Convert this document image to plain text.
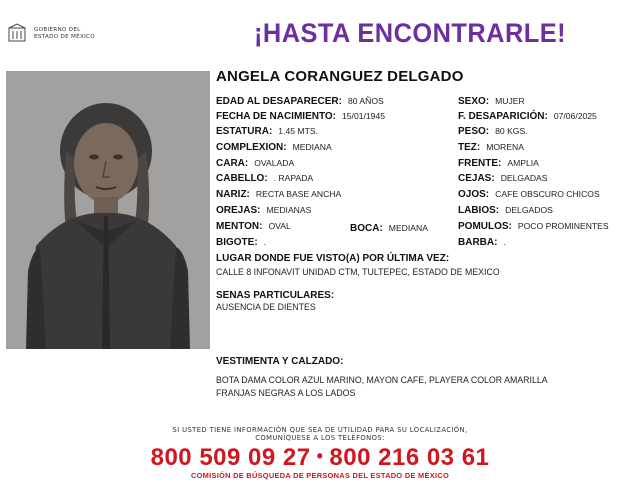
GOBIERNO DEL
ESTADO DE MÉXICO	¡HASTA ENCONTRARLE!
ANGELA CORANGUEZ DELGADO
EDAD AL DESAPARECER: 80 AÑOS
FECHA DE NACIMIENTO: 15/01/1945
ESTATURA: 1.45 MTS.
COMPLEXION: MEDIANA
CARA: OVALADA
CABELLO: . RAPADA
NARIZ: RECTA BASE ANCHA
OREJAS: MEDIANAS
MENTON: OVAL
BIGOTE: .
BOCA: MEDIANA
SEXO: MUJER
F. DESAPARICIÓN: 07/06/2025
PESO: 80 KGS.
TEZ: MORENA
FRENTE: AMPLIA
CEJAS: DELGADAS
OJOS: CAFE OBSCURO CHICOS
LABIOS: DELGADOS
POMULOS: POCO PROMINENTES
BARBA: .
LUGAR DONDE FUE VISTO(A) POR ÚLTIMA VEZ:
CALLE 8 INFONAVIT UNIDAD CTM, TULTEPEC, ESTADO DE MEXICO
SENAS PARTICULARES:
AUSENCIA DE DIENTES
VESTIMENTA Y CALZADO:
BOTA DAMA COLOR AZUL MARINO, MAYON CAFE, PLAYERA COLOR AMARILLA
FRANJAS NEGRAS A LOS LADOS
SI USTED TIENE INFORMACIÓN QUE SEA DE UTILIDAD PARA SU LOCALIZACIÓN,
COMUNÍQUESE A LOS TELÉFONOS:
800 509 09 27 • 800 216 03 61
COMISIÓN DE BÚSQUEDA DE PERSONAS DEL ESTADO DE MÉXICO
